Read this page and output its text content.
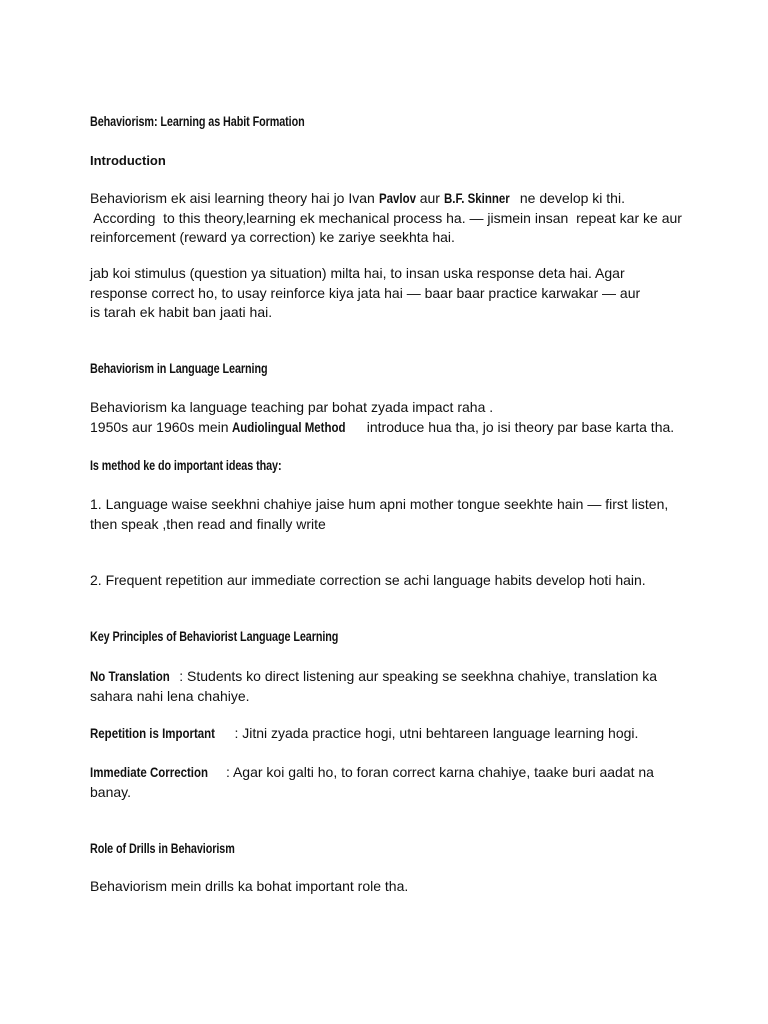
Behaviorism: Learning as Habit Formation

Introduction

Behaviorism ek aisi learning theory hai jo Ivan Pavlov aur B.F. Skinner ne develop ki thi.
According  to this theory,learning ek mechanical process ha. — jismein insan  repeat kar ke aur
reinforcement (reward ya correction) ke zariye seekhta hai.

jab koi stimulus (question ya situation) milta hai, to insan uska response deta hai. Agar response correct ho, to usay reinforce kiya jata hai — baar baar practice karwakar — aur is tarah ek habit ban jaati hai.

Behaviorism in Language Learning

Behaviorism ka language teaching par bohat zyada impact raha .
1950s aur 1960s mein Audiolingual Method introduce hua tha, jo isi theory par base karta tha.

Is method ke do important ideas thay:

1. Language waise seekhni chahiye jaise hum apni mother tongue seekhte hain — first listen, then speak ,then read and finally write

2. Frequent repetition aur immediate correction se achi language habits develop hoti hain.

Key Principles of Behaviorist Language Learning

No Translation : Students ko direct listening aur speaking se seekhna chahiye, translation ka sahara nahi lena chahiye.

Repetition is Important : Jitni zyada practice hogi, utni behtareen language learning hogi.

Immediate Correction : Agar koi galti ho, to foran correct karna chahiye, taake buri aadat na banay.

Role of Drills in Behaviorism

Behaviorism mein drills ka bohat important role tha.
